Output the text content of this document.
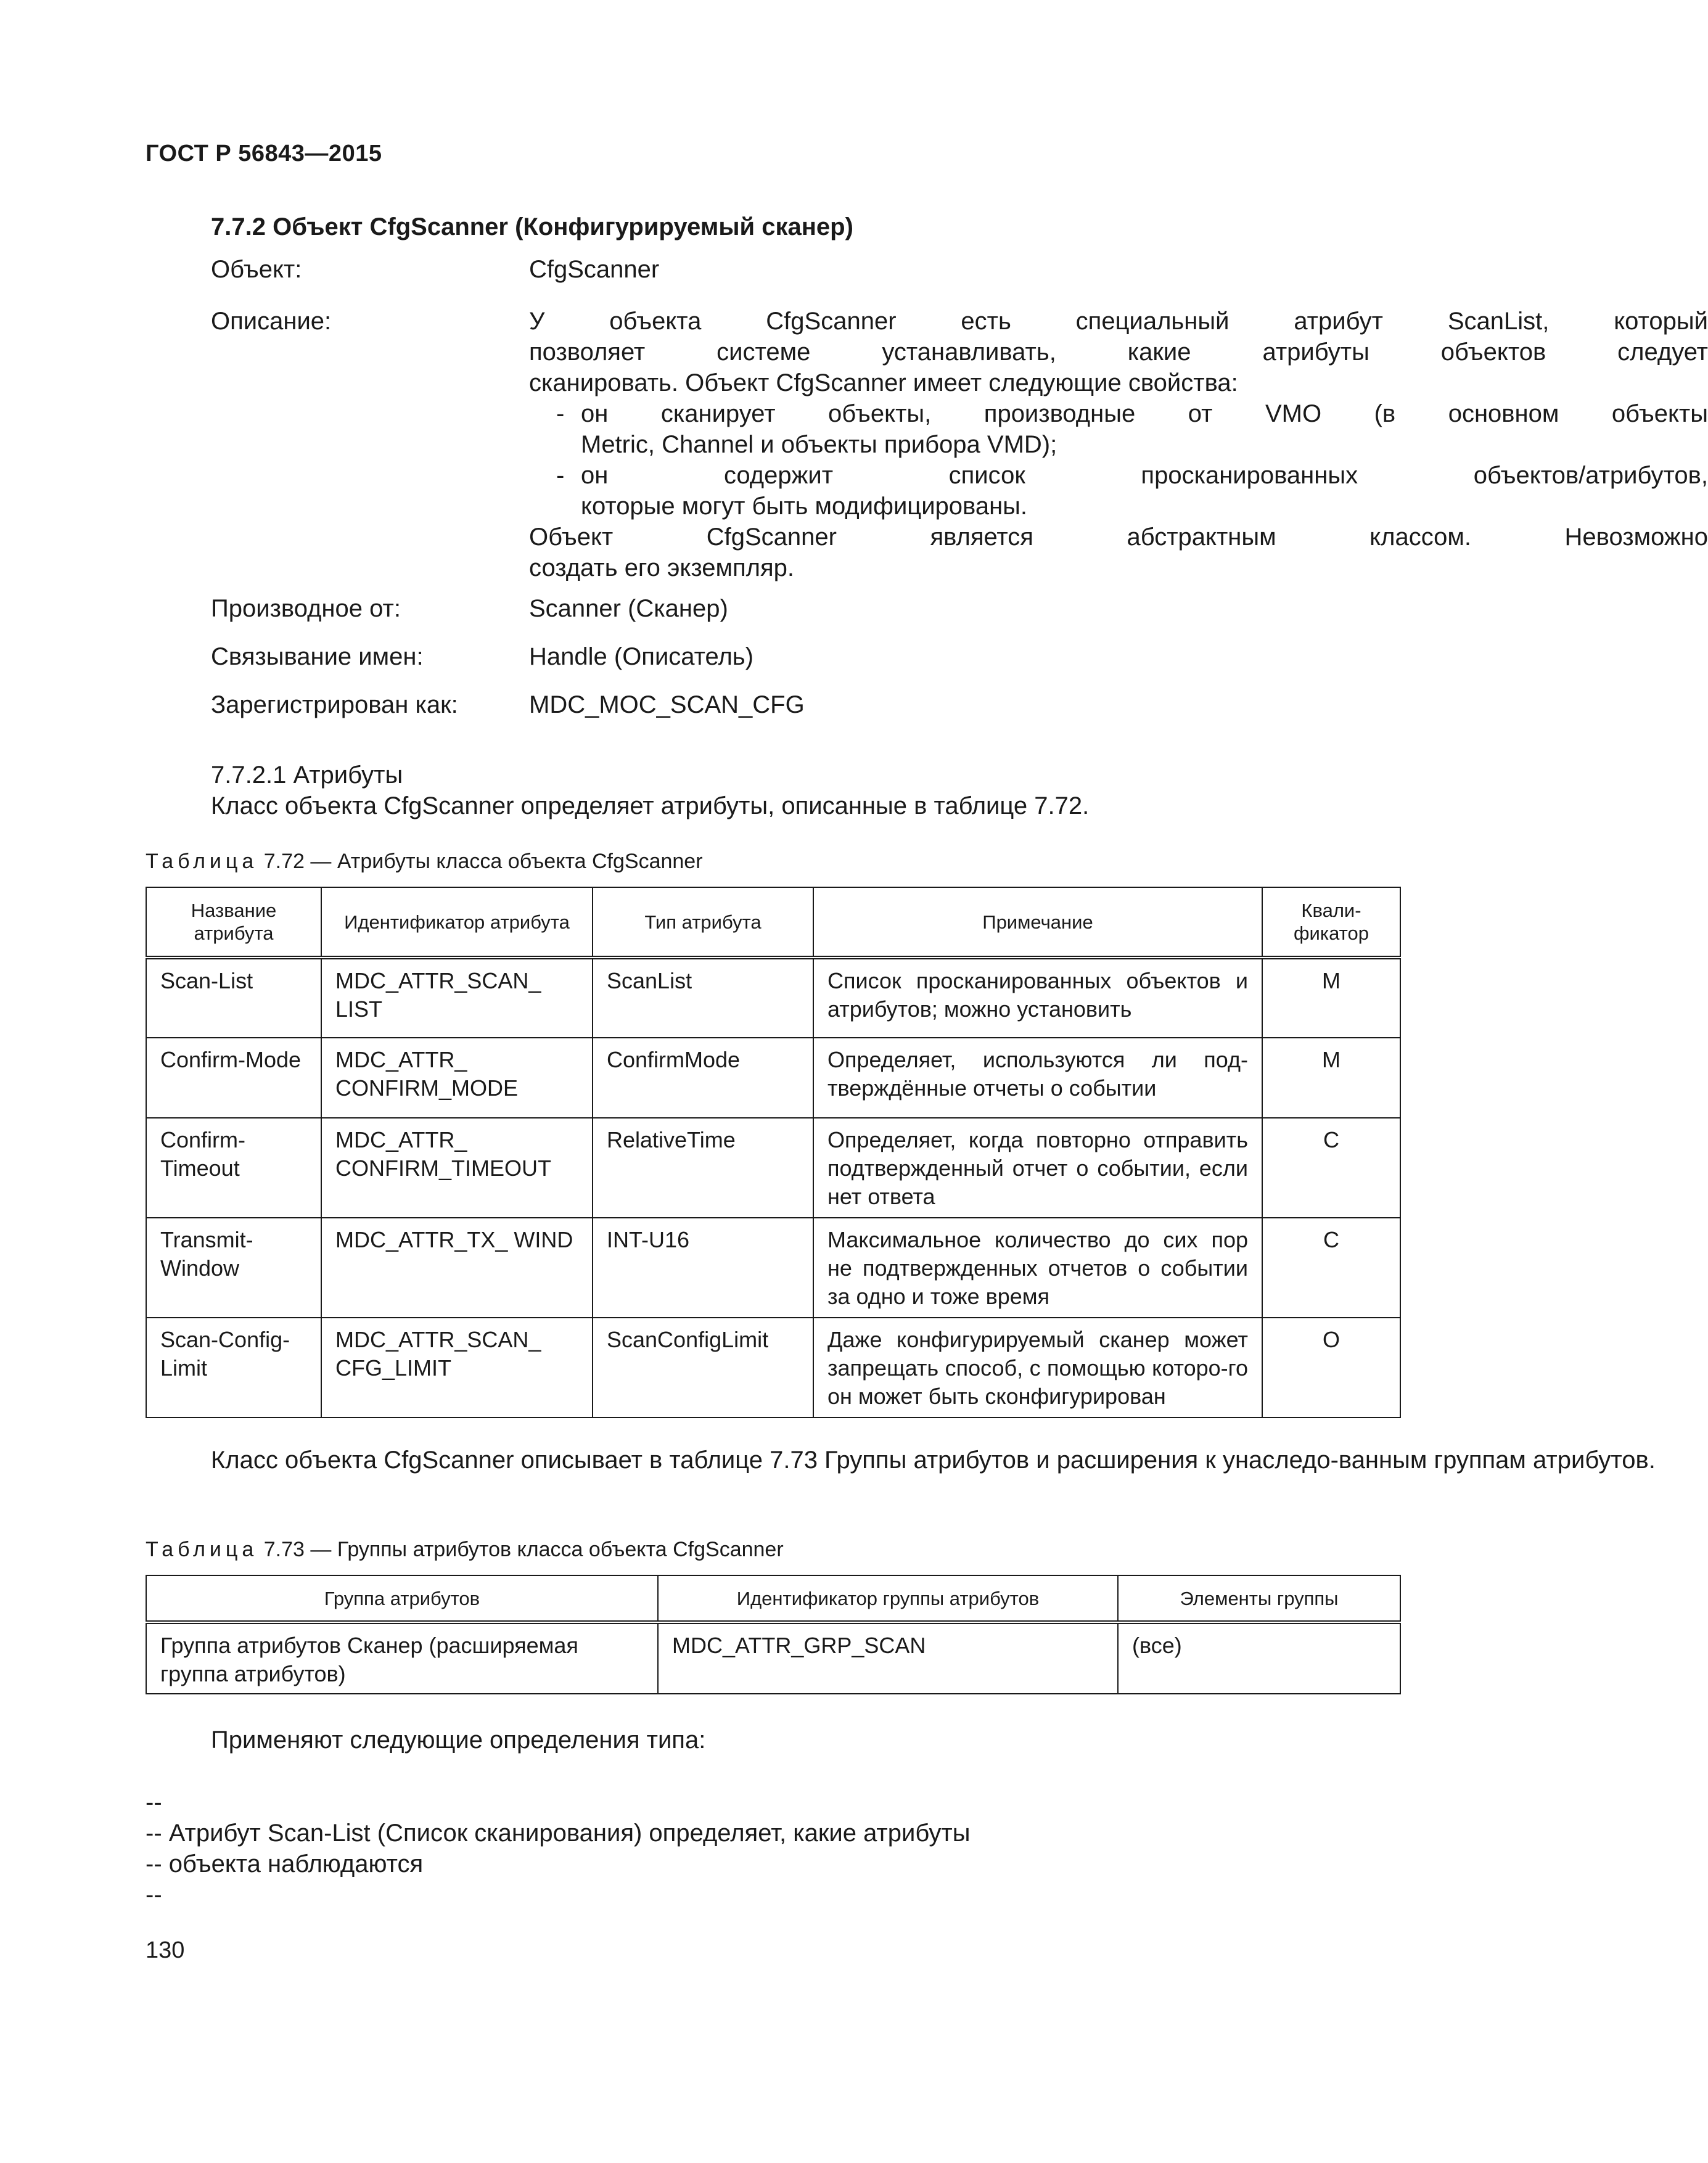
ГОСТ Р 56843—2015
7.7.2 Объект CfgScanner (Конфигурируемый сканер)
Объект:	CfgScanner
Описание:	У объекта CfgScanner есть специальный атрибут ScanList, который

позволяет системе устанавливать, какие атрибуты объектов следует

сканировать. Объект CfgScanner имеет следующие свойства:

- он сканирует объекты, производные от VMO (в основном объекты

Metric, Channel и объекты прибора VMD);

- он содержит список просканированных объектов/атрибутов,

которые могут быть модифицированы.

Объект CfgScanner является абстрактным классом. Невозможно

создать его экземпляр.

Производное от:	Scanner (Сканер)
Связывание имен:	Handle (Описатель)
Зарегистрирован как:	MDC_MOC_SCAN_CFG
7.7.2.1 Атрибуты
Класс объекта CfgScanner определяет атрибуты, описанные в таблице 7.72.
Таблица 7.72 — Атрибуты класса объекта CfgScanner
Название атрибута	Идентификатор атрибута	Тип атрибута	Примечание	Квали-фикатор
Scan-List	MDC_ATTR_SCAN_ LIST	ScanList	Список просканированных объектов и атрибутов; можно установить	M
Confirm-Mode	MDC_ATTR_ CONFIRM_MODE	ConfirmMode	Определяет, используются ли под-тверждённые отчеты о событии	M
Confirm-Timeout	MDC_ATTR_ CONFIRM_TIMEOUT	RelativeTime	Определяет, когда повторно отправить подтвержденный отчет о событии, если нет ответа	C
Transmit-Window	MDC_ATTR_TX_ WIND	INT-U16	Максимальное количество до сих пор не подтвержденных отчетов о событии за одно и тоже время	C
Scan-Config-Limit	MDC_ATTR_SCAN_ CFG_LIMIT	ScanConfigLimit	Даже конфигурируемый сканер может запрещать способ, с помощью которо-го он может быть сконфигурирован	O
Класс объекта CfgScanner описывает в таблице 7.73 Группы атрибутов и расширения к унаследо-ванным группам атрибутов.
Таблица 7.73 — Группы атрибутов класса объекта CfgScanner
Группа атрибутов	Идентификатор группы атрибутов	Элементы группы
Группа атрибутов Сканер (расширяемая группа атрибутов)	MDC_ATTR_GRP_SCAN	(все)
Применяют следующие определения типа:
--
-- Атрибут Scan-List (Список сканирования) определяет, какие атрибуты
-- объекта наблюдаются
--
130
